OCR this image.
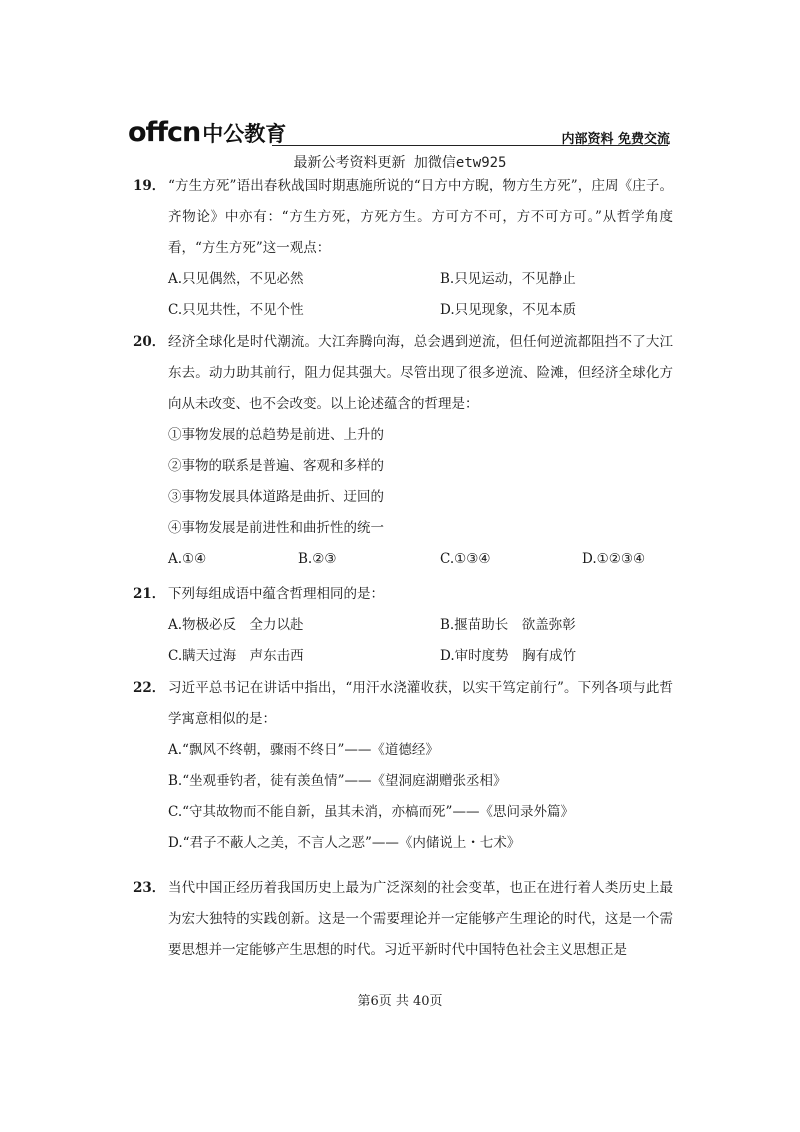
offcn 中公教育	内部资料 免费交流
最新公考资料更新 加微信etw925
19． “方生方死”语出春秋战国时期惠施所说的“日方中方睨，物方生方死”，庄周《庄子。齐物论》中亦有：“方生方死，方死方生。方可方不可，方不可方可。”从哲学角度看，“方生方死”这一观点：
A.只见偶然，不见必然	B.只见运动，不见静止
C.只见共性，不见个性	D.只见现象，不见本质
20． 经济全球化是时代潮流。大江奔腾向海，总会遇到逆流，但任何逆流都阻挡不了大江东去。动力助其前行，阻力促其强大。尽管出现了很多逆流、险滩，但经济全球化方向从未改变、也不会改变。以上论述蕴含的哲理是：
①事物发展的总趋势是前进、上升的
②事物的联系是普遍、客观和多样的
③事物发展具体道路是曲折、迂回的
④事物发展是前进性和曲折性的统一
A.①④	B.②③	C.①③④	D.①②③④
21． 下列每组成语中蕴含哲理相同的是：
A.物极必反　全力以赴	B.揠苗助长　欲盖弥彰
C.瞒天过海　声东击西	D.审时度势　胸有成竹
22． 习近平总书记在讲话中指出，“用汗水浇灌收获，以实干笃定前行”。下列各项与此哲学寓意相似的是：
A.“飘风不终朝，骤雨不终日”——《道德经》
B.“坐观垂钓者，徒有羡鱼情”——《望洞庭湖赠张丞相》
C.“守其故物而不能自新，虽其未消，亦槁而死”——《思问录外篇》
D.“君子不蔽人之美，不言人之恶”——《内储说上・七术》
23． 当代中国正经历着我国历史上最为广泛深刻的社会变革，也正在进行着人类历史上最为宏大独特的实践创新。这是一个需要理论并一定能够产生理论的时代，这是一个需要思想并一定能够产生思想的时代。习近平新时代中国特色社会主义思想正是
第6页 共 40页
